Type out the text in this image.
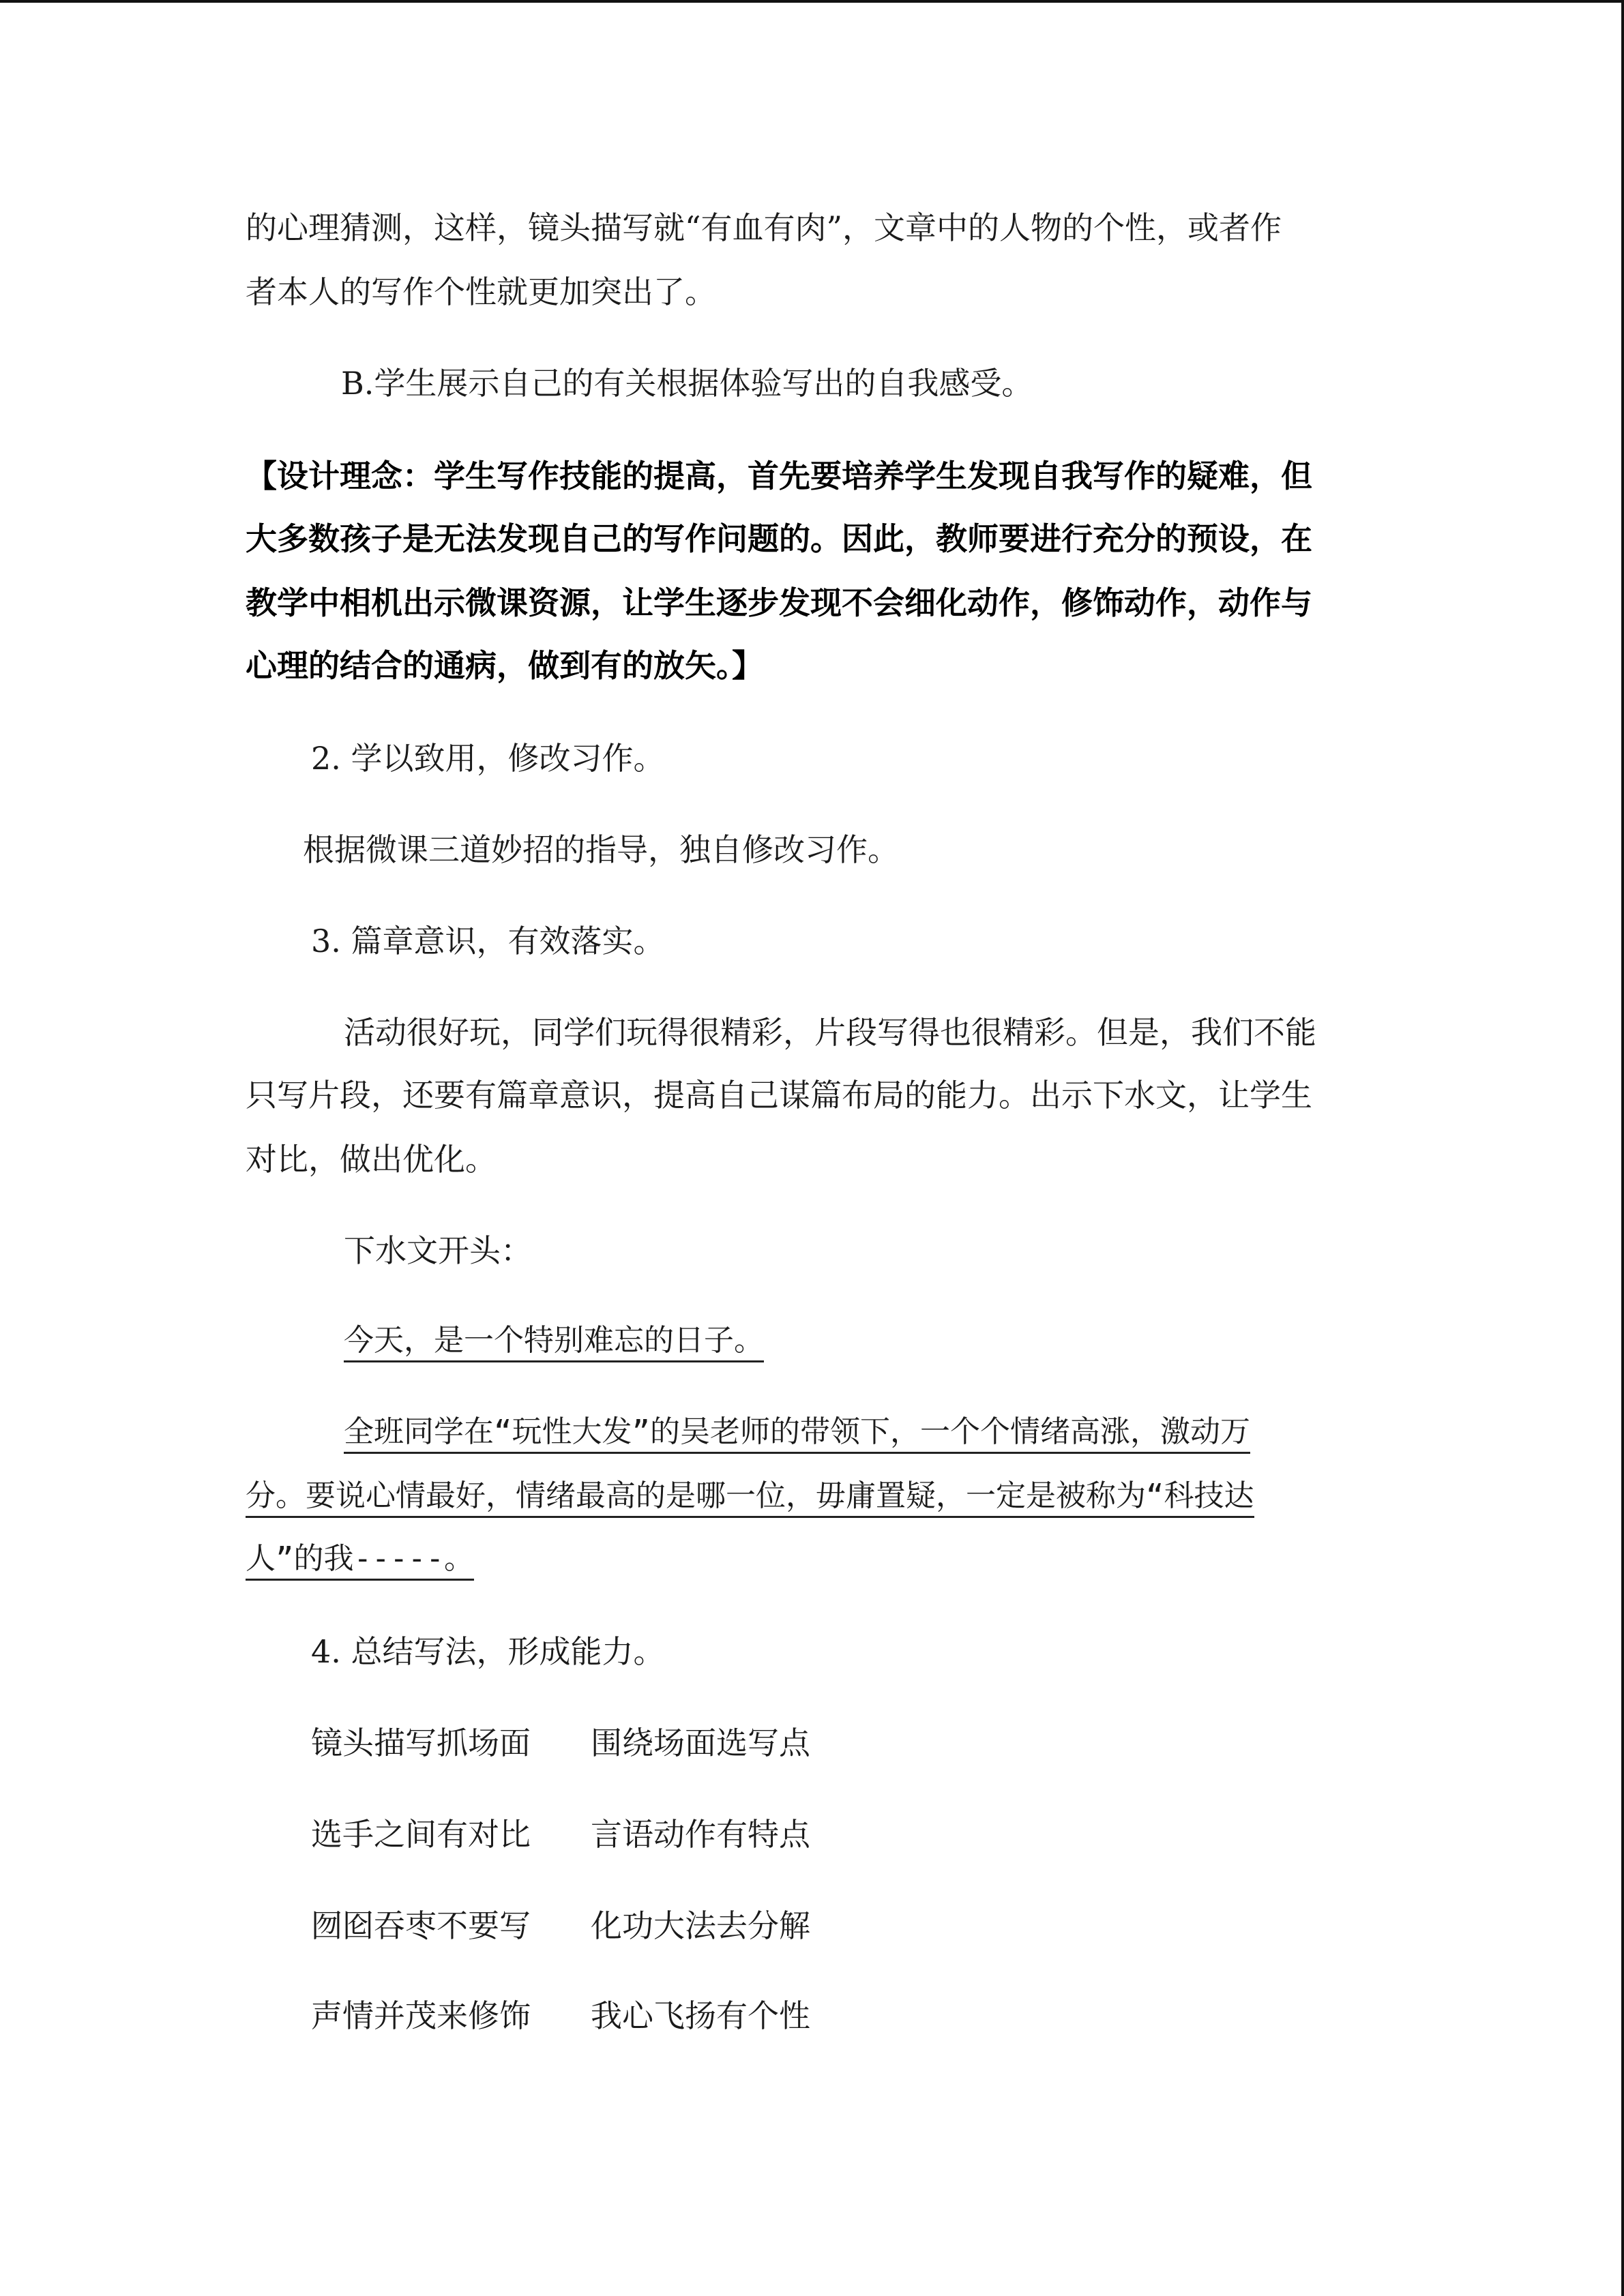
的心理猜测，这样，镜头描写就“有血有肉”，文章中的人物的个性，或者作
者本人的写作个性就更加突出了。
B.学生展示自己的有关根据体验写出的自我感受。
【设计理念：学生写作技能的提高，首先要培养学生发现自我写作的疑难，但
大多数孩子是无法发现自己的写作问题的。因此，教师要进行充分的预设，在
教学中相机出示微课资源，让学生逐步发现不会细化动作，修饰动作，动作与
心理的结合的通病，做到有的放矢。】
2. 学以致用，修改习作。
根据微课三道妙招的指导，独自修改习作。
3. 篇章意识，有效落实。
活动很好玩，同学们玩得很精彩，片段写得也很精彩。但是，我们不能
只写片段，还要有篇章意识，提高自己谋篇布局的能力。出示下水文，让学生
对比，做出优化。
下水文开头：
今天，是一个特别难忘的日子。
全班同学在“玩性大发”的吴老师的带领下，一个个情绪高涨，激动万
分。要说心情最好，情绪最高的是哪一位，毋庸置疑，一定是被称为“科技达
人”的我-----。
4. 总结写法，形成能力。
镜头描写抓场面 围绕场面选写点
选手之间有对比 言语动作有特点
囫囵吞枣不要写 化功大法去分解
声情并茂来修饰 我心飞扬有个性
